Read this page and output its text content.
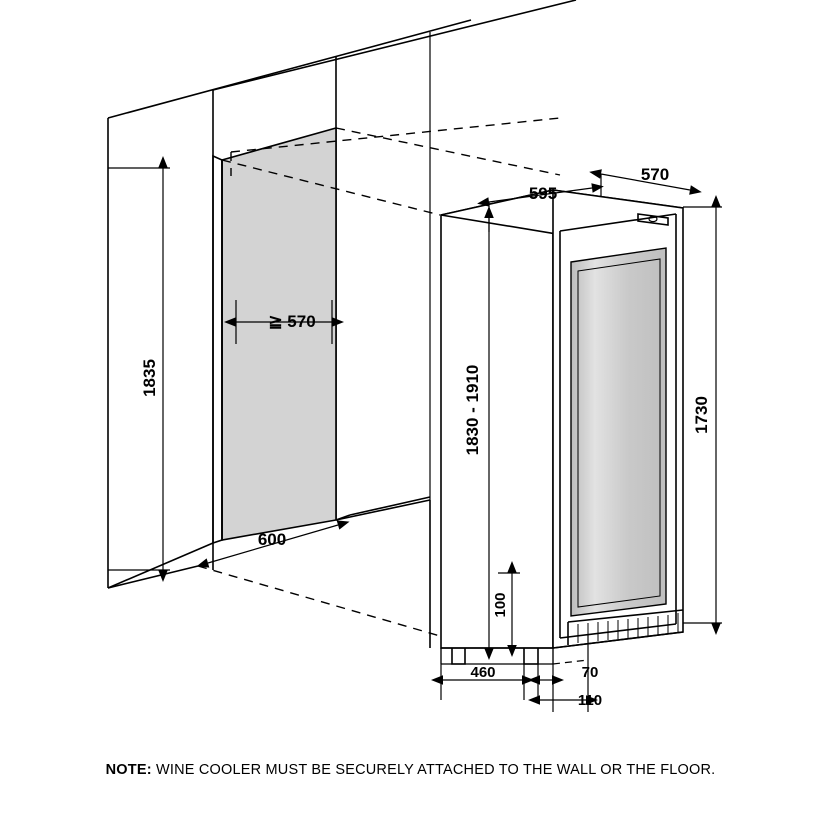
1835
≧ 570
600
595
570
1830 - 1910	1730
100
460	70
110
NOTE: WINE COOLER MUST BE SECURELY ATTACHED TO THE WALL OR THE FLOOR.
